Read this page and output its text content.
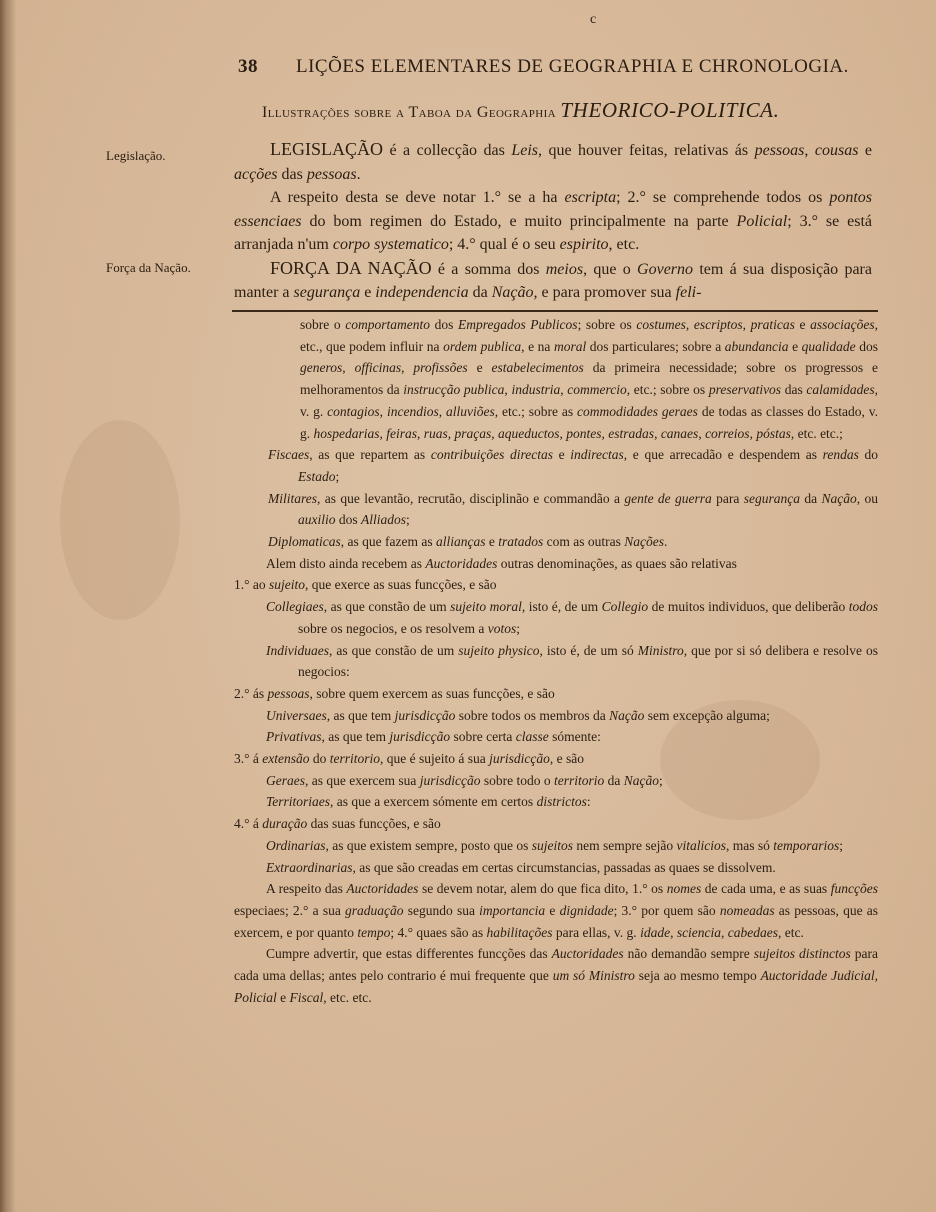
c
38 LIÇÕES ELEMENTARES DE GEOGRAPHIA E CHRONOLOGIA.
Illustrações sobre a Taboa da Geographia THEORICO-POLITICA.
Legislação.
Força da Nação.

LEGISLAÇÃO é a collecção das Leis, que houver feitas, relativas ás pessoas, cousas e acções das pessoas.

A respeito desta se deve notar 1.° se a ha escripta; 2.° se comprehende todos os pontos essenciaes do bom regimen do Estado, e muito principalmente na parte Policial; 3.° se está arranjada n'um corpo systematico; 4.° qual é o seu espirito, etc.

FORÇA DA NAÇÃO é a somma dos meios, que o Governo tem á sua disposição para manter a segurança e independencia da Nação, e para promover sua feli-

sobre o comportamento dos Empregados Publicos; sobre os costumes, escriptos, praticas e associações, etc., que podem influir na ordem publica, e na moral dos particulares; sobre a abundancia e qualidade dos generos, officinas, profissões e estabelecimentos da primeira necessidade; sobre os progressos e melhoramentos da instrucção publica, industria, commercio, etc.; sobre os preservativos das calamidades, v. g. contagios, incendios, alluviões, etc.; sobre as commodidades geraes de todas as classes do Estado, v. g. hospedarias, feiras, ruas, praças, aqueductos, pontes, estradas, canaes, correios, póstas, etc. etc.;

Fiscaes, as que repartem as contribuições directas e indirectas, e que arrecadão e despendem as rendas do Estado;

Militares, as que levantão, recrutão, disciplinão e commandão a gente de guerra para segurança da Nação, ou auxilio dos Alliados;

Diplomaticas, as que fazem as allianças e tratados com as outras Nações.

Alem disto ainda recebem as Auctoridades outras denominações, as quaes são relativas

1.° ao sujeito, que exerce as suas funcções, e são

Collegiaes, as que constão de um sujeito moral, isto é, de um Collegio de muitos individuos, que deliberão todos sobre os negocios, e os resolvem a votos;

Individuaes, as que constão de um sujeito physico, isto é, de um só Ministro, que por si só delibera e resolve os negocios:

2.° ás pessoas, sobre quem exercem as suas funcções, e são

Universaes, as que tem jurisdicção sobre todos os membros da Nação sem excepção alguma;

Privativas, as que tem jurisdicção sobre certa classe sómente:

3.° á extensão do territorio, que é sujeito á sua jurisdicção, e são

Geraes, as que exercem sua jurisdicção sobre todo o territorio da Nação;

Territoriaes, as que a exercem sómente em certos districtos:

4.° á duração das suas funcções, e são

Ordinarias, as que existem sempre, posto que os sujeitos nem sempre sejão vitalicios, mas só temporarios;

Extraordinarias, as que são creadas em certas circumstancias, passadas as quaes se dissolvem.

A respeito das Auctoridades se devem notar, alem do que fica dito, 1.° os nomes de cada uma, e as suas funcções especiaes; 2.° a sua graduação segundo sua importancia e dignidade; 3.° por quem são nomeadas as pessoas, que as exercem, e por quanto tempo; 4.° quaes são as habilitações para ellas, v. g. idade, sciencia, cabedaes, etc.

Cumpre advertir, que estas differentes funcções das Auctoridades não demandão sempre sujeitos distinctos para cada uma dellas; antes pelo contrario é mui frequente que um só Ministro seja ao mesmo tempo Auctoridade Judicial, Policial e Fiscal, etc. etc.
